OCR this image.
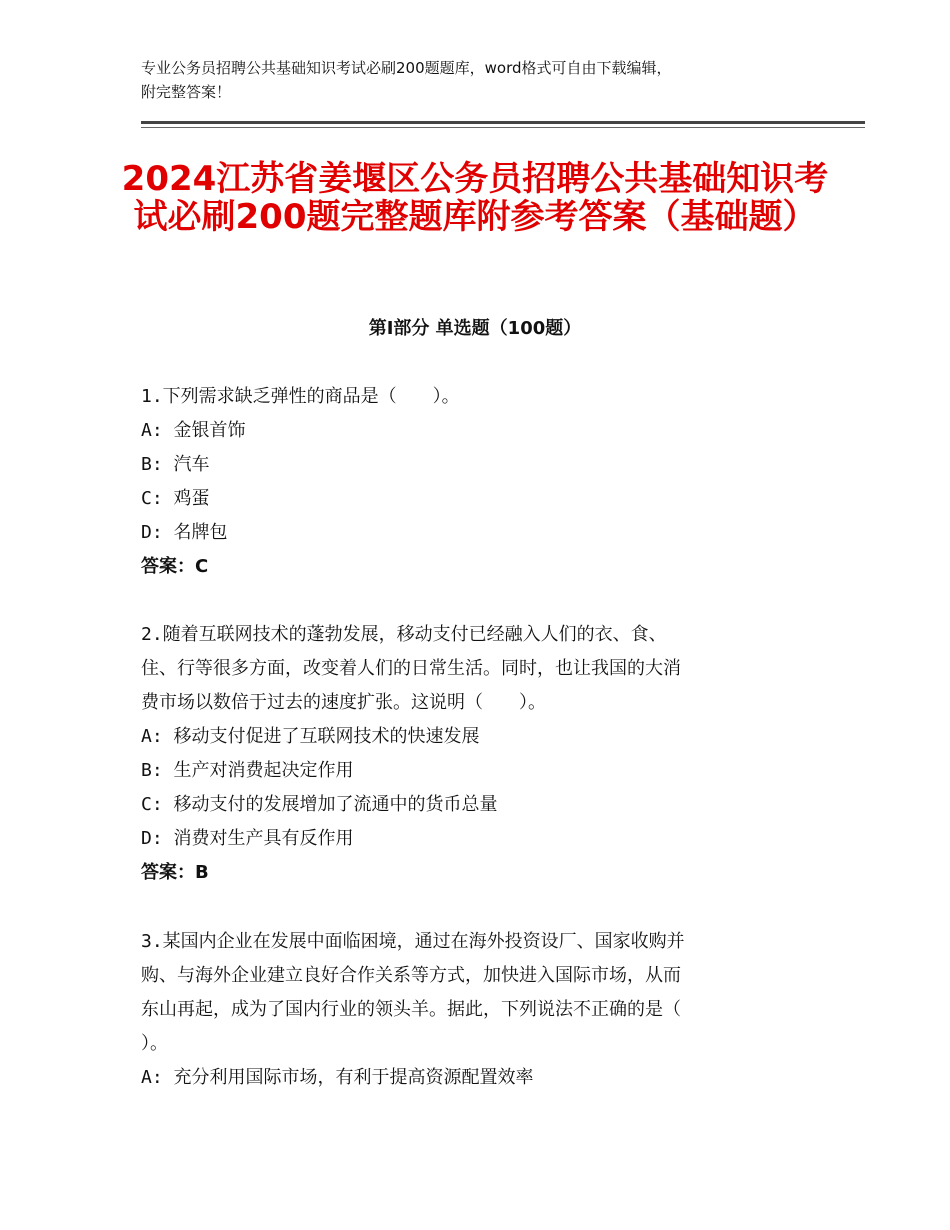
专业公务员招聘公共基础知识考试必刷200题题库，word格式可自由下载编辑，
附完整答案！
2024江苏省姜堰区公务员招聘公共基础知识考试必刷200题完整题库附参考答案（基础题）
第I部分 单选题（100题）

1.下列需求缺乏弹性的商品是（　　）。

A: 金银首饰

B: 汽车

C: 鸡蛋

D: 名牌包

答案：C

2.随着互联网技术的蓬勃发展，移动支付已经融入人们的衣、食、
住、行等很多方面，改变着人们的日常生活。同时，也让我国的大消
费市场以数倍于过去的速度扩张。这说明（　　）。

A: 移动支付促进了互联网技术的快速发展

B: 生产对消费起决定作用

C: 移动支付的发展增加了流通中的货币总量

D: 消费对生产具有反作用

答案：B

3.某国内企业在发展中面临困境，通过在海外投资设厂、国家收购并
购、与海外企业建立良好合作关系等方式，加快进入国际市场，从而
东山再起，成为了国内行业的领头羊。据此，下列说法不正确的是（
）。

A: 充分利用国际市场，有利于提高资源配置效率
